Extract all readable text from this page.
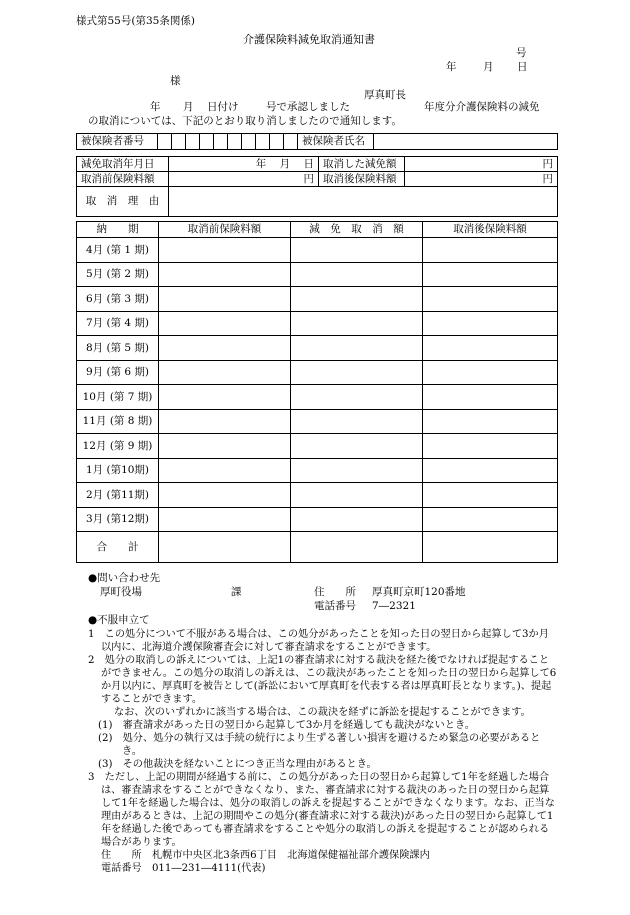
様式第55号(第35条関係)
介護保険料減免取消通知書
号
年	月 日
様
厚真町長
年 月 日付け	号で承認しました	年度分介護保険料の減免
の取消については、下記のとおり取り消しましたので通知します。
被保険者番号											被保険者氏名	
減免取消年月日	年 月 日	取消した減免額	円
取消前保険料額	円	取消後保険料額	円
取　消　理　由			
納　　期	取消前保険料額	減　免　取　消　額	取消後保険料額
4月 (第 1 期)			
5月 (第 2 期)			
6月 (第 3 期)			
7月 (第 4 期)			
8月 (第 5 期)			
9月 (第 6 期)			
10月 (第 7 期)			
11月 (第 8 期)			
12月 (第 9 期)			
1月 (第10期)			
2月 (第11期)			
3月 (第12期)			
合　　計			
●問い合わせ先
厚町役場	課	住　　所 厚真町京町120番地
電話番号 7―2321
●不服申立て

1　この処分について不服がある場合は、この処分があったことを知った日の翌日から起算して3か月以内に、北海道介護保険審査会に対して審査請求をすることができます。

2　処分の取消しの訴えについては、上記1の審査請求に対する裁決を経た後でなければ提起することができません。この処分の取消しの訴えは、この裁決があったことを知った日の翌日から起算して6か月以内に、厚真町を被告として(訴訟において厚真町を代表する者は厚真町長となります。)、提起することができます。

なお、次のいずれかに該当する場合は、この裁決を経ずに訴訟を提起することができます。

(1)　審査請求があった日の翌日から起算して3か月を経過しても裁決がないとき。

(2)　処分、処分の執行又は手続の続行により生ずる著しい損害を避けるため緊急の必要があるとき。

(3)　その他裁決を経ないことにつき正当な理由があるとき。

3　ただし、上記の期間が経過する前に、この処分があった日の翌日から起算して1年を経過した場合は、審査請求をすることができなくなり、また、審査請求に対する裁決のあった日の翌日から起算して1年を経過した場合は、処分の取消しの訴えを提起することができなくなります。なお、正当な理由があるときは、上記の期間やこの処分(審査請求に対する裁決)があった日の翌日から起算して1年を経過した後であっても審査請求をすることや処分の取消しの訴えを提起することが認められる場合があります。

住　　所　 札幌市中央区北3条西6丁目　北海道保健福祉部介護保険課内

電話番号　 011―231―4111(代表)
